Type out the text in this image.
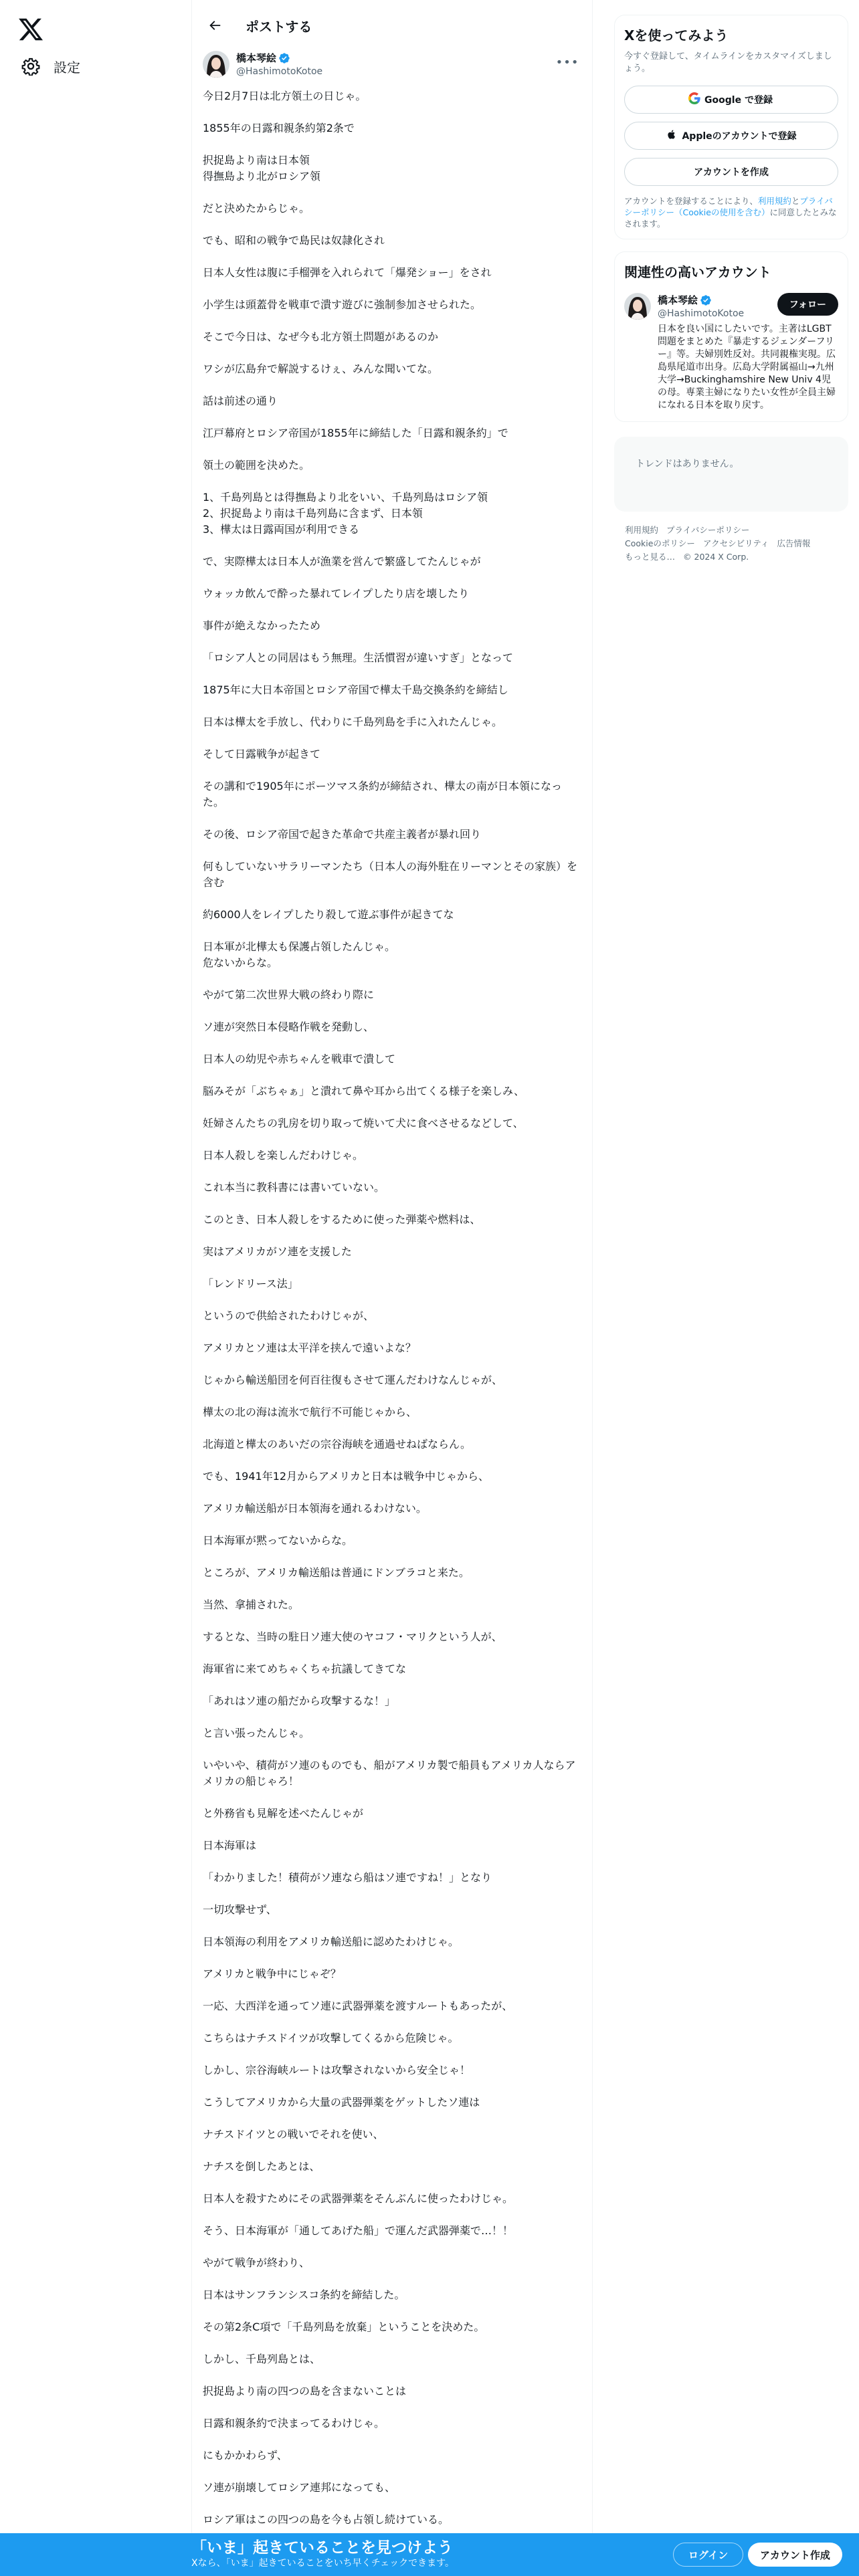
設定
ポストする
橋本琴絵
@HashimotoKotoe
•••

今日2月7日は北方領土の日じゃ。

1855年の日露和親条約第2条で

択捉島より南は日本領
得撫島より北がロシア領

だと決めたからじゃ。

でも、昭和の戦争で島民は奴隷化され

日本人女性は腹に手榴弾を入れられて「爆発ショー」をされ

小学生は頭蓋骨を戦車で潰す遊びに強制参加させられた。

そこで今日は、なぜ今も北方領土問題があるのか

ワシが広島弁で解説するけぇ、みんな聞いてな。

話は前述の通り

江戸幕府とロシア帝国が1855年に締結した「日露和親条約」で

領土の範囲を決めた。

1、千島列島とは得撫島より北をいい、千島列島はロシア領
2、択捉島より南は千島列島に含まず、日本領
3、樺太は日露両国が利用できる

で、実際樺太は日本人が漁業を営んで繁盛してたんじゃが

ウォッカ飲んで酔った暴れてレイプしたり店を壊したり

事件が絶えなかったため

「ロシア人との同居はもう無理。生活慣習が違いすぎ」となって

1875年に大日本帝国とロシア帝国で樺太千島交換条約を締結し

日本は樺太を手放し、代わりに千島列島を手に入れたんじゃ。

そして日露戦争が起きて

その講和で1905年にポーツマス条約が締結され、樺太の南が日本領になった。

その後、ロシア帝国で起きた革命で共産主義者が暴れ回り

何もしていないサラリーマンたち（日本人の海外駐在リーマンとその家族）を含む

約6000人をレイプしたり殺して遊ぶ事件が起きてな

日本軍が北樺太も保護占領したんじゃ。
危ないからな。

やがて第二次世界大戦の終わり際に

ソ連が突然日本侵略作戦を発動し、

日本人の幼児や赤ちゃんを戦車で潰して

脳みそが「ぶちゃぁ」と潰れて鼻や耳から出てくる様子を楽しみ、

妊婦さんたちの乳房を切り取って焼いて犬に食べさせるなどして、

日本人殺しを楽しんだわけじゃ。

これ本当に教科書には書いていない。

このとき、日本人殺しをするために使った弾薬や燃料は、

実はアメリカがソ連を支援した

「レンドリース法」

というので供給されたわけじゃが、

アメリカとソ連は太平洋を挟んで遠いよな？

じゃから輸送船団を何百往復もさせて運んだわけなんじゃが、

樺太の北の海は流氷で航行不可能じゃから、

北海道と樺太のあいだの宗谷海峡を通過せねばならん。

でも、1941年12月からアメリカと日本は戦争中じゃから、

アメリカ輸送船が日本領海を通れるわけない。

日本海軍が黙ってないからな。

ところが、アメリカ輸送船は普通にドンブラコと来た。

当然、拿捕された。

するとな、当時の駐日ソ連大使のヤコフ・マリクという人が、

海軍省に来てめちゃくちゃ抗議してきてな

「あれはソ連の船だから攻撃するな！」

と言い張ったんじゃ。

いやいや、積荷がソ連のものでも、船がアメリカ製で船員もアメリカ人ならアメリカの船じゃろ！

と外務省も見解を述べたんじゃが

日本海軍は

「わかりました！積荷がソ連なら船はソ連ですね！」となり

一切攻撃せず、

日本領海の利用をアメリカ輸送船に認めたわけじゃ。

アメリカと戦争中にじゃぞ？

一応、大西洋を通ってソ連に武器弾薬を渡すルートもあったが、

こちらはナチスドイツが攻撃してくるから危険じゃ。

しかし、宗谷海峡ルートは攻撃されないから安全じゃ！

こうしてアメリカから大量の武器弾薬をゲットしたソ連は

ナチスドイツとの戦いでそれを使い、

ナチスを倒したあとは、

日本人を殺すためにその武器弾薬をそんぶんに使ったわけじゃ。

そう、日本海軍が「通してあげた船」で運んだ武器弾薬で…！！

やがて戦争が終わり、

日本はサンフランシスコ条約を締結した。

その第2条C項で「千島列島を放棄」ということを決めた。

しかし、千島列島とは、

択捉島より南の四つの島を含まないことは

日露和親条約で決まってるわけじゃ。

にもかかわらず、

ソ連が崩壊してロシア連邦になっても、

ロシア軍はこの四つの島を今も占領し続けている。

Xを使ってみよう

今すぐ登録して、タイムラインをカスタマイズしましょう。

Google で登録
Appleのアカウントで登録
アカウントを作成

アカウントを登録することにより、利用規約とプライバシーポリシー（Cookieの使用を含む）に同意したとみなされます。

関連性の高いアカウント
橋本琴絵
@HashimotoKotoe
日本を良い国にしたいです。主著はLGBT問題をまとめた『暴走するジェンダーフリー』等。夫婦別姓反対。共同親権実現。広島県尾道市出身。広島大学附属福山→九州大学→Buckinghamshire New Univ 4児の母。専業主婦になりたい女性が全員主婦になれる日本を取り戻す。
フォロー
トレンドはありません。
利用規約 プライバシーポリシー
Cookieのポリシー アクセシビリティ 広告情報
もっと見る… © 2024 X Corp.
「いま」起きていることを見つけよう
Xなら、「いま」起きていることをいち早くチェックできます。
ログイン	アカウント作成
